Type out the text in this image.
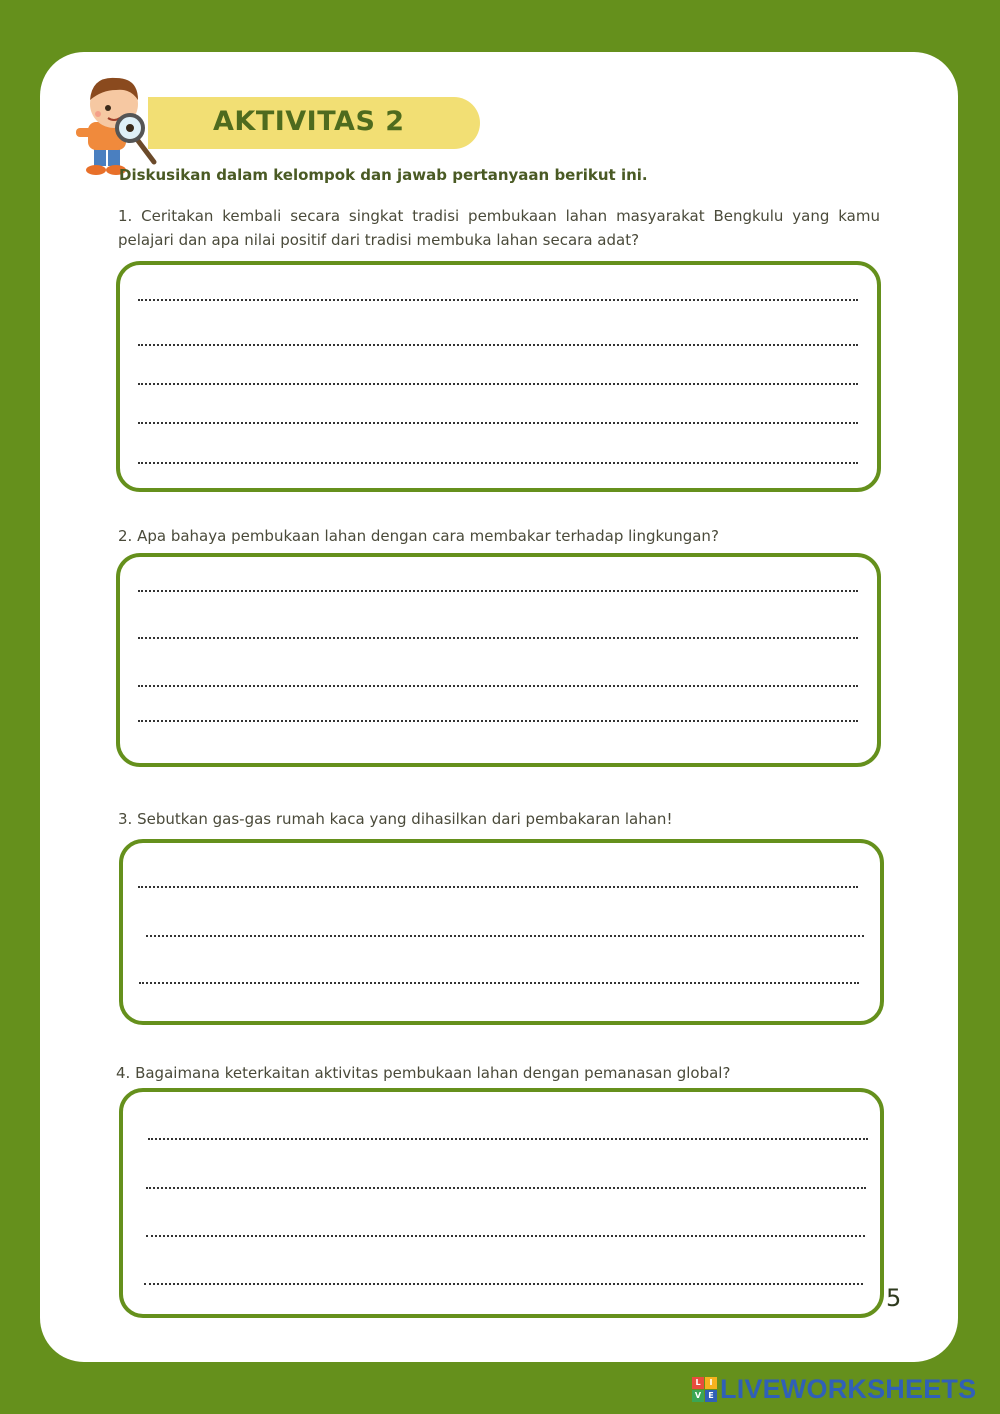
AKTIVITAS 2
Diskusikan dalam kelompok dan jawab pertanyaan berikut ini.
1. Ceritakan kembali secara singkat tradisi pembukaan lahan masyarakat Bengkulu yang kamu pelajari dan apa nilai positif dari tradisi membuka lahan secara adat?
2. Apa bahaya pembukaan lahan dengan cara membakar terhadap lingkungan?
3. Sebutkan gas-gas rumah kaca yang dihasilkan dari pembakaran lahan!
4. Bagaimana keterkaitan aktivitas pembukaan lahan dengan pemanasan global?
5
L	I
V E LIVEWORKSHEETS
